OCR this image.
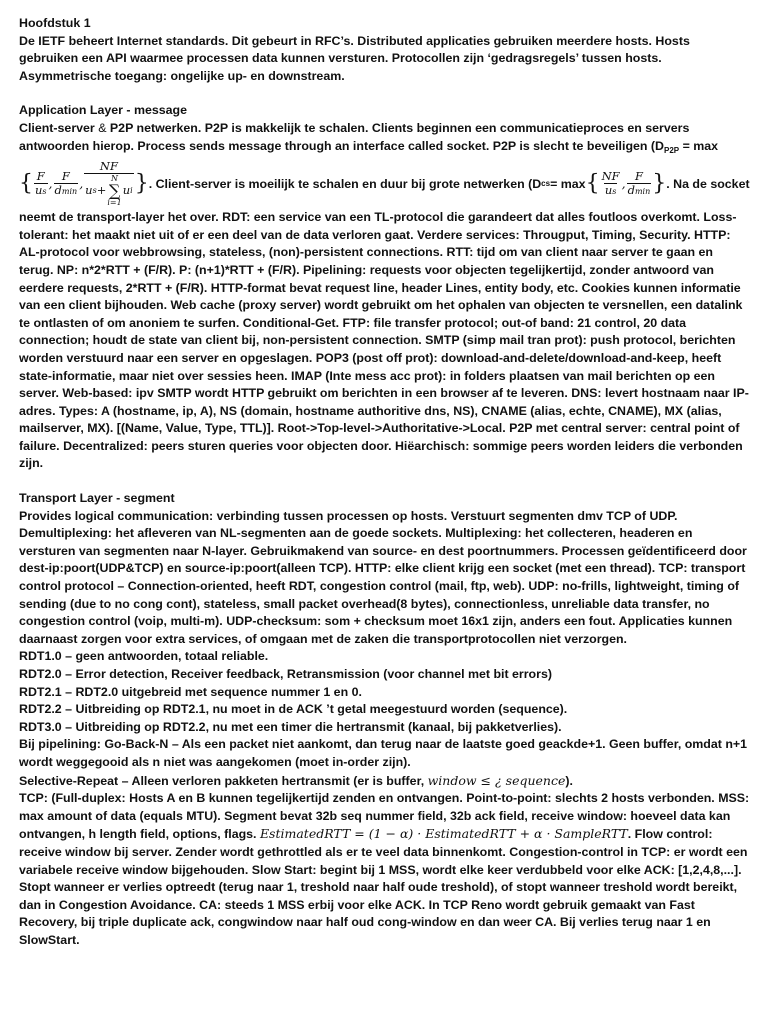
Hoofdstuk 1

De IETF beheert Internet standards. Dit gebeurt in RFC’s. Distributed applicaties gebruiken meerdere hosts. Hosts gebruiken een API waarmee processen data kunnen versturen. Protocollen zijn ‘gedragsregels’ tussen hosts. Asymmetrische toegang: ongelijke up- en downstream.

Application Layer - message

Client-server & P2P netwerken. P2P is makkelijk te schalen. Clients beginnen een communicatieproces en servers antwoorden hierop. Process sends message through an interface called socket. P2P is slecht te beveiligen ($D_{P2P} = \max$

{ $\frac{F}{us}$ , $\frac{F}{dmin}$ , NF
u s +
N
∑
i=1
u i } . Client-server is moeilijk te schalen en duur bij grote netwerken (D cs = max { $\frac{NF}{us}$ , $\frac{F}{dmin}$ } . Na de socket

neemt de transport-layer het over. RDT: een service van een TL-protocol die garandeert dat alles foutloos overkomt. Loss-tolerant: het maakt niet uit of er een deel van de data verloren gaat. Verdere services: Througput, Timing, Security. HTTP: AL-protocol voor webbrowsing, stateless, (non)-persistent connections. RTT: tijd om van client naar server te gaan en terug. NP: n*2*RTT + (F/R). P: (n+1)*RTT + (F/R). Pipelining: requests voor objecten tegelijkertijd, zonder antwoord van eerdere requests, 2*RTT + (F/R). HTTP-format bevat request line, header Lines, entity body, etc. Cookies kunnen informatie van een client bijhouden. Web cache (proxy server) wordt gebruikt om het ophalen van objecten te versnellen, een datalink te ontlasten of om anoniem te surfen. Conditional-Get. FTP: file transfer protocol; out-of band: 21 control, 20 data connection; houdt de state van client bij, non-persistent connection. SMTP (simp mail tran prot): push protocol, berichten worden verstuurd naar een server en opgeslagen. POP3 (post off prot): download-and-delete/download-and-keep, heeft state-informatie, maar niet over sessies heen. IMAP (Inte mess acc prot): in folders plaatsen van mail berichten op een server. Web-based: ipv SMTP wordt HTTP gebruikt om berichten in een browser af te leveren. DNS: levert hostnaam naar IP-adres. Types: A (hostname, ip, A), NS (domain, hostname authoritive dns, NS), CNAME (alias, echte, CNAME), MX (alias, mailserver, MX). [(Name, Value, Type, TTL)]. Root->Top-level->Authoritative->Local. P2P met central server: central point of failure. Decentralized: peers sturen queries voor objecten door. Hiëarchisch: sommige peers worden leiders die verbonden zijn.

Transport Layer - segment

Provides logical communication: verbinding tussen processen op hosts. Verstuurt segmenten dmv TCP of UDP. Demultiplexing: het afleveren van NL-segmenten aan de goede sockets. Multiplexing: het collecteren, headeren en versturen van segmenten naar N-layer. Gebruikmakend van source- en dest poortnummers. Processen geïdentificeerd door dest-ip:poort(UDP&TCP) en source-ip:poort(alleen TCP). HTTP: elke client krijg een socket (met een thread). TCP: transport control protocol – Connection-oriented, heeft RDT, congestion control (mail, ftp, web). UDP: no-frills, lightweight, timing of sending (due to no cong cont), stateless, small packet overhead(8 bytes), connectionless, unreliable data transfer, no congestion control (voip, multi-m). UDP-checksum: som + checksum moet 16x1 zijn, anders een fout. Applicaties kunnen daarnaast zorgen voor extra services, of omgaan met de zaken die transportprotocollen niet verzorgen.

RDT1.0 – geen antwoorden, totaal reliable.

RDT2.0 – Error detection, Receiver feedback, Retransmission (voor channel met bit errors)

RDT2.1 – RDT2.0 uitgebreid met sequence nummer 1 en 0.

RDT2.2 – Uitbreiding op RDT2.1, nu moet in de ACK ’t getal meegestuurd worden (sequence).

RDT3.0 – Uitbreiding op RDT2.2, nu met een timer die hertransmit (kanaal, bij pakketverlies).

Bij pipelining: Go-Back-N – Als een packet niet aankomt, dan terug naar de laatste goed geackde+1. Geen buffer, omdat n+1 wordt weggegooid als n niet was aangekomen (moet in-order zijn).

Selective-Repeat – Alleen verloren pakketen hertransmit (er is buffer, window ≤ ¿ sequence).

TCP: (Full-duplex: Hosts A en B kunnen tegelijkertijd zenden en ontvangen. Point-to-point: slechts 2 hosts verbonden. MSS: max amount of data (equals MTU). Segment bevat 32b seq nummer field, 32b ack field, receive window: hoeveel data kan ontvangen, h length field, options, flags. EstimatedRTT = (1 − α) · EstimatedRTT + α · SampleRTT. Flow control: receive window bij server. Zender wordt gethrottled als er te veel data binnenkomt. Congestion-control in TCP: er wordt een variabele receive window bijgehouden. Slow Start: begint bij 1 MSS, wordt elke keer verdubbeld voor elke ACK: [1,2,4,8,...]. Stopt wanneer er verlies optreedt (terug naar 1, treshold naar half oude treshold), of stopt wanneer treshold wordt bereikt, dan in Congestion Avoidance. CA: steeds 1 MSS erbij voor elke ACK. In TCP Reno wordt gebruik gemaakt van Fast Recovery, bij triple duplicate ack, congwindow naar half oud cong-window en dan weer CA. Bij verlies terug naar 1 en SlowStart.
